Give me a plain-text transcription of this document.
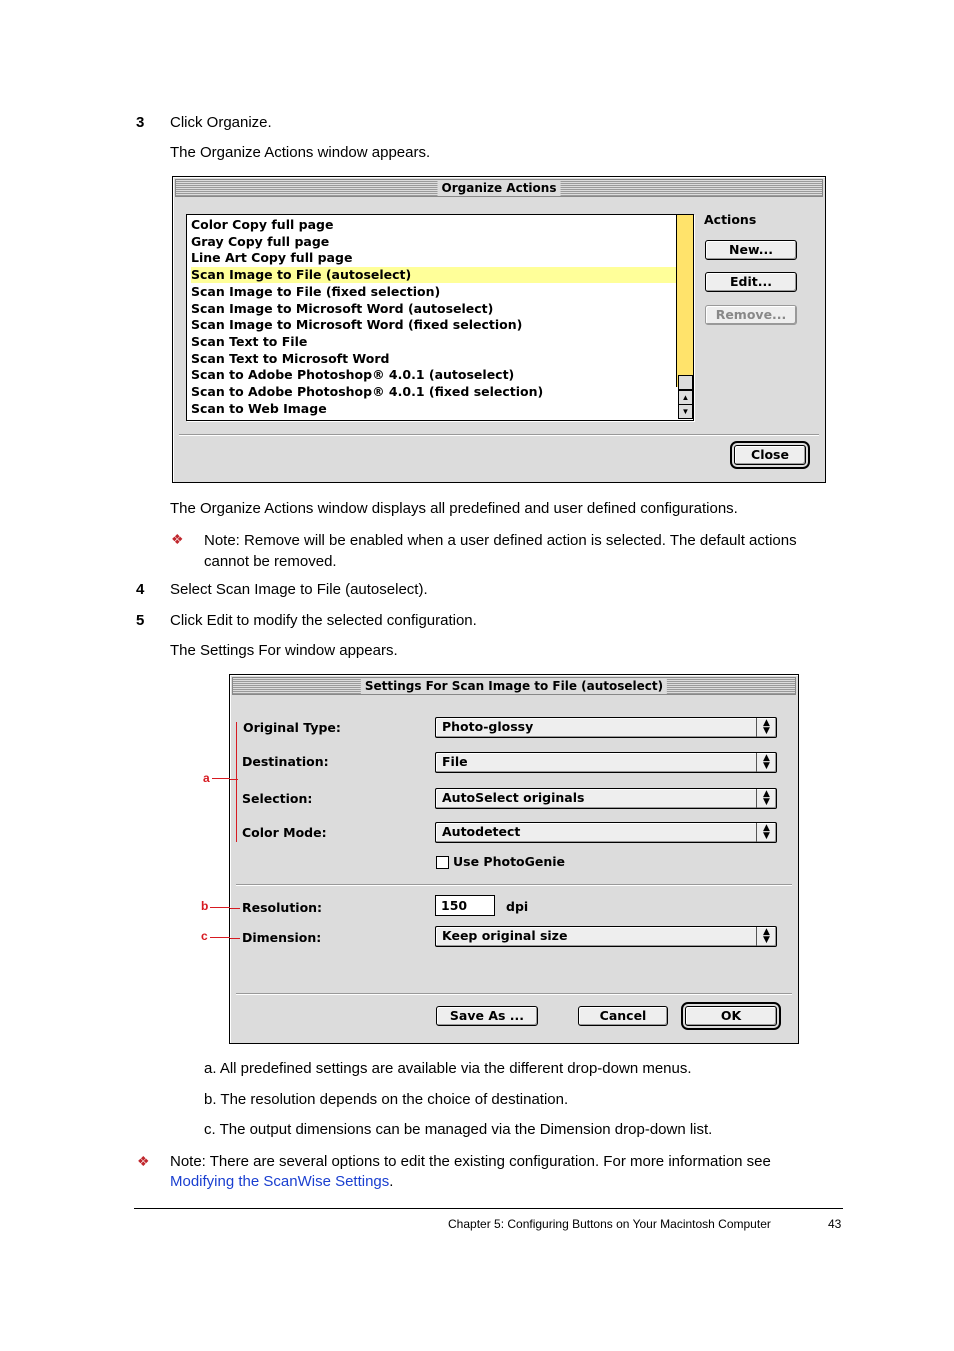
3 Click Organize.
The Organize Actions window appears.
Organize Actions
Color Copy full page
Gray Copy full page
Line Art Copy full page
Scan Image to File (autoselect)
Scan Image to File (fixed selection)
Scan Image to Microsoft Word (autoselect)
Scan Image to Microsoft Word (fixed selection)
Scan Text to File
Scan Text to Microsoft Word
Scan to Adobe Photoshop® 4.0.1 (autoselect)
Scan to Adobe Photoshop® 4.0.1 (fixed selection)
Scan to Web Image
▲
▼
Actions
New...
Edit...
Remove...
Close
The Organize Actions window displays all predefined and user defined configurations.
❖ Note: Remove will be enabled when a user defined action is selected. The default actions cannot be removed.
4 Select Scan Image to File (autoselect).
5 Click Edit to modify the selected configuration.
The Settings For window appears.
Settings For Scan Image to File (autoselect)
Original Type:	Photo-glossy	▲
▼
Destination:	File	▲
▼
Selection:	AutoSelect originals	▲
▼
Color Mode:	Autodetect	▲
▼
Use PhotoGenie
Resolution:	150	dpi
Dimension:	Keep original size	▲
▼
Save As ...	Cancel	OK
a
b
c
a. All predefined settings are available via the different drop-down menus.
b. The resolution depends on the choice of destination.
c. The output dimensions can be managed via the Dimension drop-down list.
❖ Note: There are several options to edit the existing configuration. For more information see
Modifying the ScanWise Settings.
Chapter 5: Configuring Buttons on Your Macintosh Computer	43
